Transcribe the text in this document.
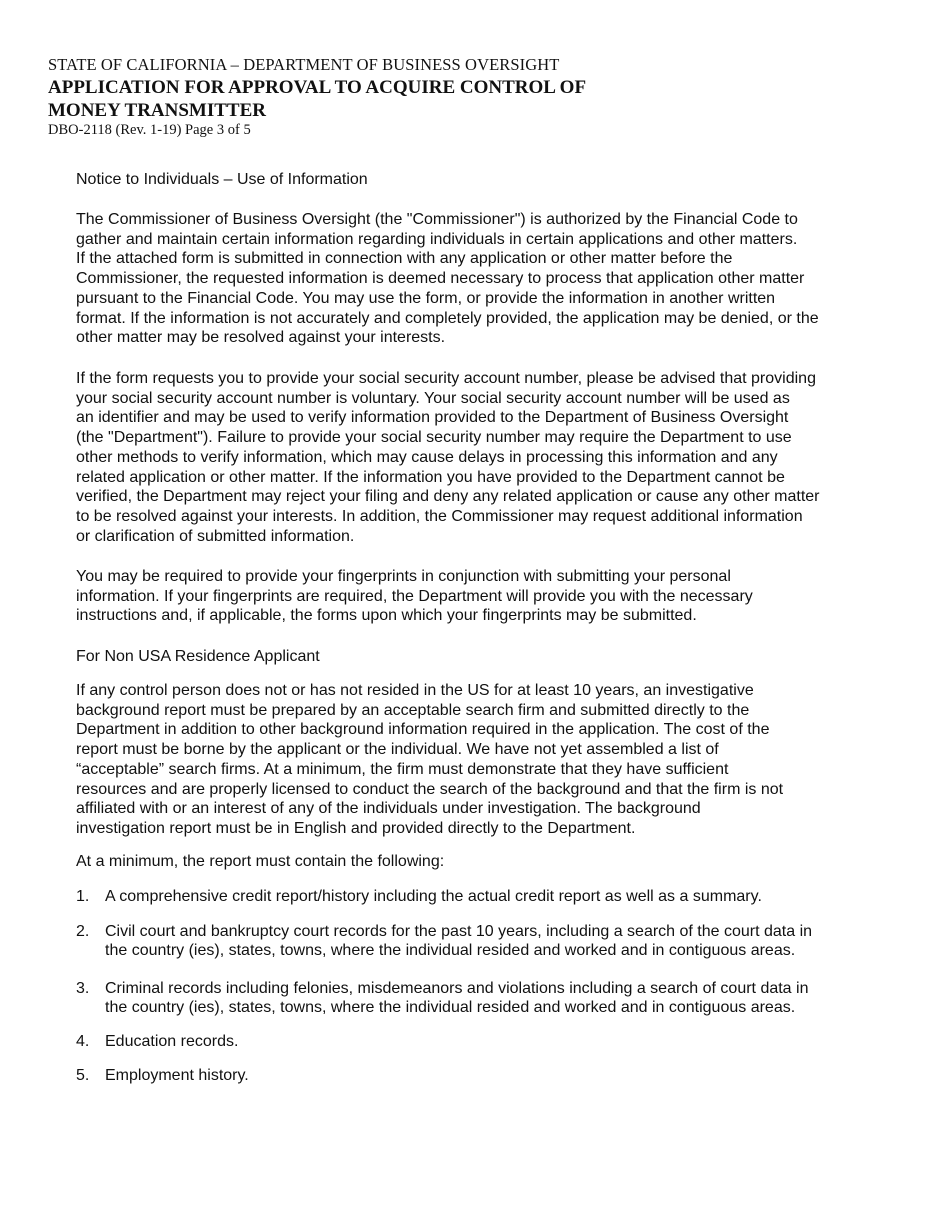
STATE OF CALIFORNIA – DEPARTMENT OF BUSINESS OVERSIGHT
APPLICATION FOR APPROVAL TO ACQUIRE CONTROL OF
MONEY TRANSMITTER
DBO-2118 (Rev. 1-19) Page 3 of 5
Notice to Individuals – Use of Information
The Commissioner of Business Oversight (the "Commissioner") is authorized by the Financial Code to
gather and maintain certain information regarding individuals in certain applications and other matters.
If the attached form is submitted in connection with any application or other matter before the
Commissioner, the requested information is deemed necessary to process that application other matter
pursuant to the Financial Code. You may use the form, or provide the information in another written
format. If the information is not accurately and completely provided, the application may be denied, or the
other matter may be resolved against your interests.
If the form requests you to provide your social security account number, please be advised that providing
your social security account number is voluntary. Your social security account number will be used as
an identifier and may be used to verify information provided to the Department of Business Oversight
(the "Department"). Failure to provide your social security number may require the Department to use
other methods to verify information, which may cause delays in processing this information and any
related application or other matter. If the information you have provided to the Department cannot be
verified, the Department may reject your filing and deny any related application or cause any other matter
to be resolved against your interests. In addition, the Commissioner may request additional information
or clarification of submitted information.
You may be required to provide your fingerprints in conjunction with submitting your personal
information. If your fingerprints are required, the Department will provide you with the necessary
instructions and, if applicable, the forms upon which your fingerprints may be submitted.
For Non USA Residence Applicant
If any control person does not or has not resided in the US for at least 10 years, an investigative
background report must be prepared by an acceptable search firm and submitted directly to the
Department in addition to other background information required in the application. The cost of the
report must be borne by the applicant or the individual. We have not yet assembled a list of
“acceptable” search firms. At a minimum, the firm must demonstrate that they have sufficient
resources and are properly licensed to conduct the search of the background and that the firm is not
affiliated with or an interest of any of the individuals under investigation. The background
investigation report must be in English and provided directly to the Department.
At a minimum, the report must contain the following:
1. A comprehensive credit report/history including the actual credit report as well as a summary.
2. Civil court and bankruptcy court records for the past 10 years, including a search of the court data in
the country (ies), states, towns, where the individual resided and worked and in contiguous areas.
3. Criminal records including felonies, misdemeanors and violations including a search of court data in
the country (ies), states, towns, where the individual resided and worked and in contiguous areas.
4. Education records.
5. Employment history.
